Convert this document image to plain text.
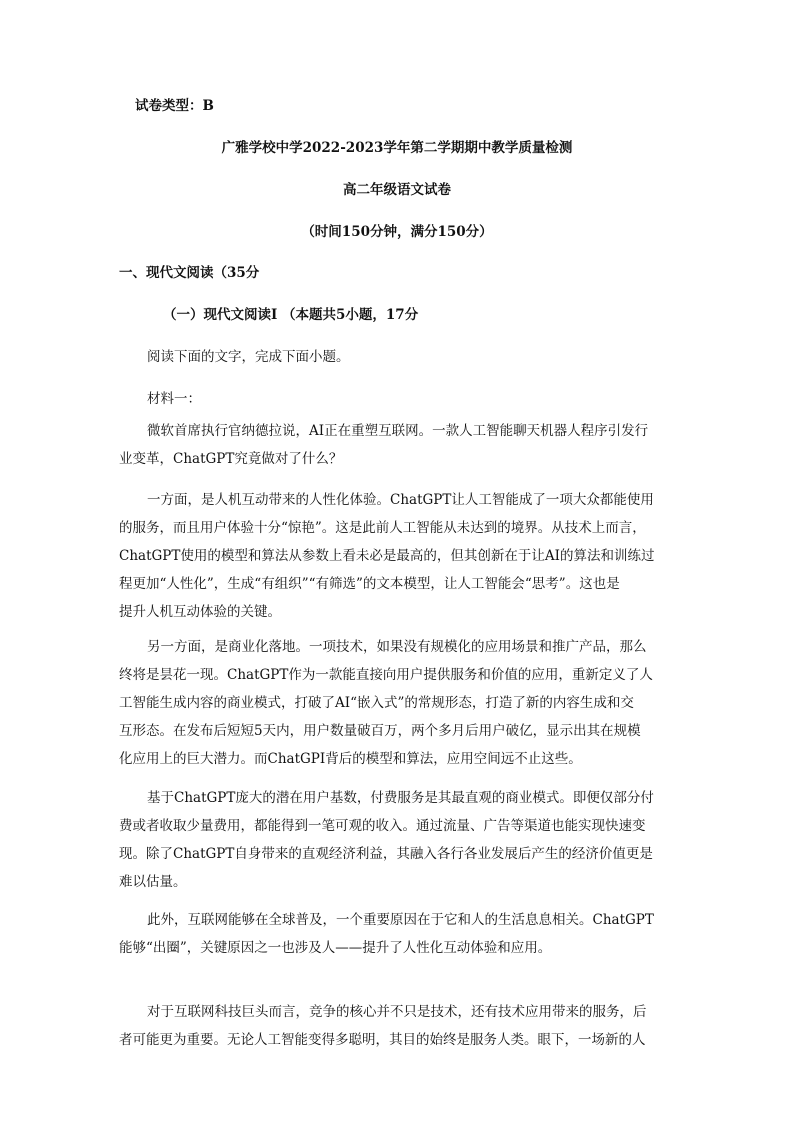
试卷类型：B
广雅学校中学2022-2023学年第二学期期中教学质量检测
高二年级语文试卷
（时间150分钟，满分150分）
一、现代文阅读（35分
（一）现代文阅读Ⅰ （本题共5小题，17分
阅读下面的文字，完成下面小题。
材料一：
微软首席执行官纳德拉说，AI正在重塑互联网。一款人工智能聊天机器人程序引发行
业变革，ChatGPT究竟做对了什么？
一方面，是人机互动带来的人性化体验。ChatGPT让人工智能成了一项大众都能使用
的服务，而且用户体验十分“惊艳”。这是此前人工智能从未达到的境界。从技术上而言，
ChatGPT使用的模型和算法从参数上看未必是最高的，但其创新在于让AI的算法和训练过
程更加“人性化”，生成“有组织”“有筛选”的文本模型，让人工智能会“思考”。这也是
提升人机互动体验的关键。
另一方面，是商业化落地。一项技术，如果没有规模化的应用场景和推广产品，那么
终将是昙花一现。ChatGPT作为一款能直接向用户提供服务和价值的应用，重新定义了人
工智能生成内容的商业模式，打破了AI“嵌入式”的常规形态，打造了新的内容生成和交
互形态。在发布后短短5天内，用户数量破百万，两个多月后用户破亿，显示出其在规模
化应用上的巨大潜力。而ChatGPI背后的模型和算法，应用空间远不止这些。
基于ChatGPT庞大的潜在用户基数，付费服务是其最直观的商业模式。即便仅部分付
费或者收取少量费用，都能得到一笔可观的收入。通过流量、广告等渠道也能实现快速变
现。除了ChatGPT自身带来的直观经济利益，其融入各行各业发展后产生的经济价值更是
难以估量。
此外，互联网能够在全球普及，一个重要原因在于它和人的生活息息相关。ChatGPT
能够“出圈”，关键原因之一也涉及人——提升了人性化互动体验和应用。
对于互联网科技巨头而言，竞争的核心并不只是技术，还有技术应用带来的服务，后
者可能更为重要。无论人工智能变得多聪明，其目的始终是服务人类。眼下，一场新的人
